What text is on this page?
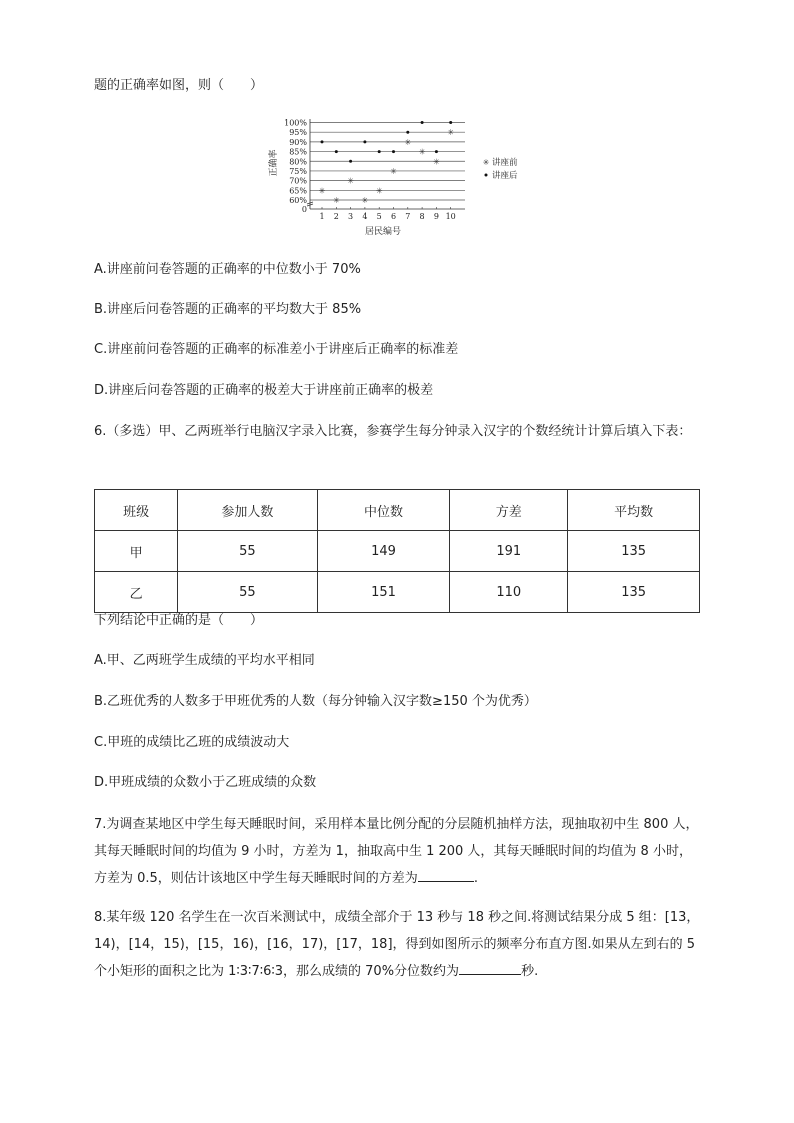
题的正确率如图，则（　　）
0
60%
65%
70%
75%
80%
85%
90%
95%
100%
1 2 3 4 5 6 7 8 9 10
✳
✳
✳
✳
✳
✳
✳
✳
✳
✳
正确率
居民编号
✳ 讲座前
讲座后
A.讲座前问卷答题的正确率的中位数小于 70%
B.讲座后问卷答题的正确率的平均数大于 85%
C.讲座前问卷答题的正确率的标准差小于讲座后正确率的标准差
D.讲座后问卷答题的正确率的极差大于讲座前正确率的极差
6.（多选）甲、乙两班举行电脑汉字录入比赛，参赛学生每分钟录入汉字的个数经统计计算后填入下表：
班级	参加人数	中位数	方差	平均数
甲	55	149	191	135
乙	55	151	110	135
下列结论中正确的是（　　）
A.甲、乙两班学生成绩的平均水平相同
B.乙班优秀的人数多于甲班优秀的人数（每分钟输入汉字数≥150 个为优秀）
C.甲班的成绩比乙班的成绩波动大
D.甲班成绩的众数小于乙班成绩的众数
7.为调查某地区中学生每天睡眠时间，采用样本量比例分配的分层随机抽样方法，现抽取初中生 800 人，其每天睡眠时间的均值为 9 小时，方差为 1，抽取高中生 1 200 人，其每天睡眠时间的均值为 8 小时，方差为 0.5，则估计该地区中学生每天睡眠时间的方差为	.
8.某年级 120 名学生在一次百米测试中，成绩全部介于 13 秒与 18 秒之间.将测试结果分成 5 组：[13，14)，[14，15)，[15，16)，[16，17)，[17，18]，得到如图所示的频率分布直方图.如果从左到右的 5 个小矩形的面积之比为 1∶3∶7∶6∶3，那么成绩的 70%分位数约为	秒.
